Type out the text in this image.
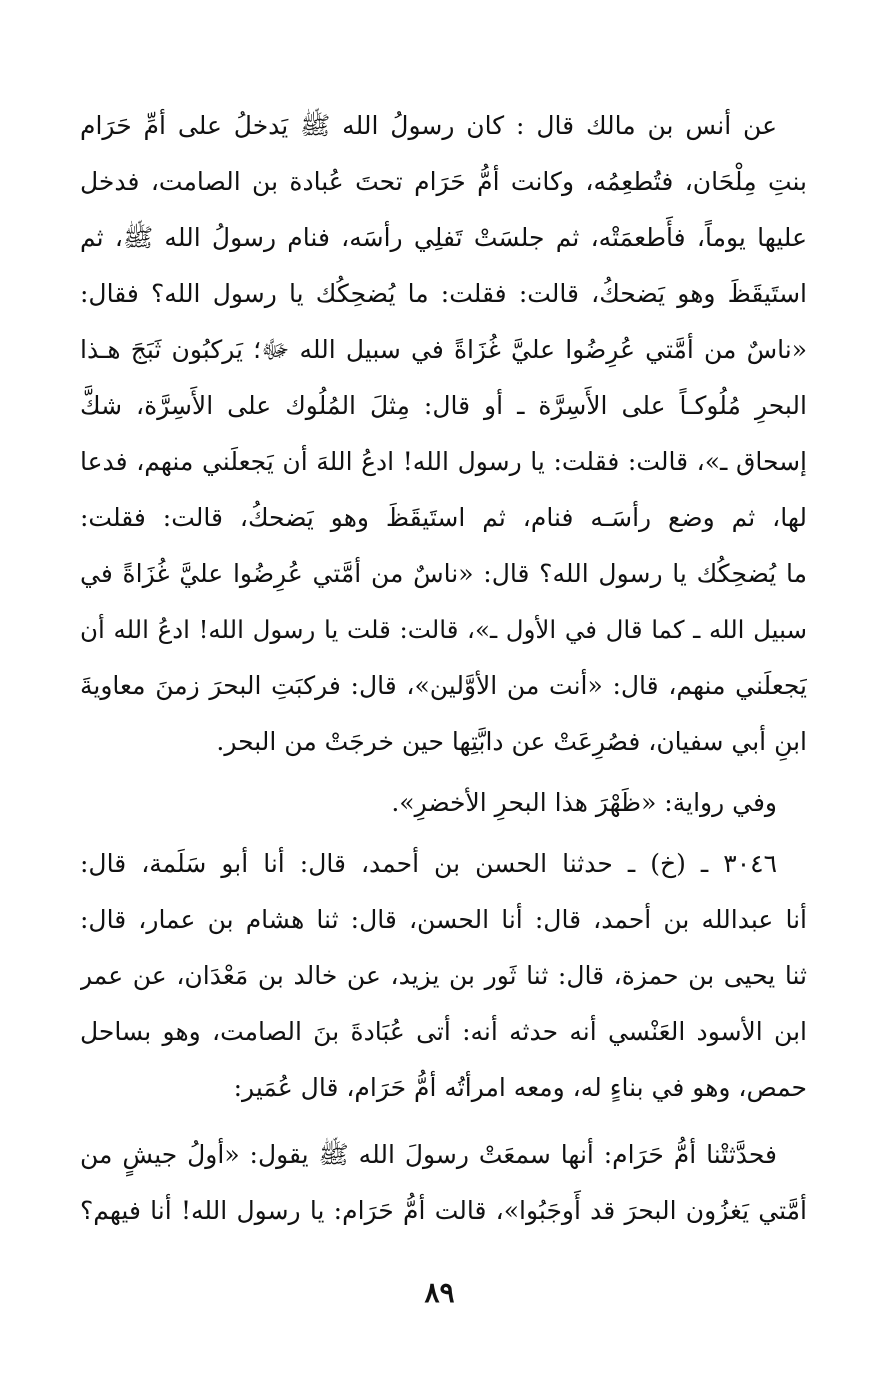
عن أنس بن مالك قال : كان رسولُ الله ﷺ يَدخلُ على أمِّ حَرَام
بنتِ مِلْحَان، فتُطعِمُه، وكانت أمُّ حَرَام تحتَ عُبادة بن الصامت، فدخل
عليها يوماً، فأَطعمَتْه، ثم جلسَتْ تَفلِي رأسَه، فنام رسولُ الله ﷺ، ثم
استَيقَظَ وهو يَضحكُ، قالت: فقلت: ما يُضحِكُك يا رسول الله؟ فقال:
«ناسٌ من أمَّتي عُرِضُوا عليَّ غُزَاةً في سبيل الله ﷻ؛ يَركبُون ثَبَجَ هـذا
البحرِ مُلُوكـاً على الأَسِرَّة ـ أو قال: مِثلَ المُلُوك على الأَسِرَّة، شكَّ
إسحاق ـ»، قالت: فقلت: يا رسول الله! ادعُ اللهَ أن يَجعلَني منهم، فدعا
لها، ثم وضع رأسَـه فنام، ثم استَيقَظَ وهو يَضحكُ، قالت: فقلت:
ما يُضحِكُك يا رسول الله؟ قال: «ناسٌ من أمَّتي عُرِضُوا عليَّ غُزَاةً في
سبيل الله ـ كما قال في الأول ـ»، قالت: قلت يا رسول الله! ادعُ الله أن
يَجعلَني منهم، قال: «أنت من الأوَّلين»، قال: فركبَتِ البحرَ زمنَ معاويةَ
ابنِ أبي سفيان، فصُرِعَتْ عن دابَّتِها حين خرجَتْ من البحر.
وفي رواية: «ظَهْرَ هذا البحرِ الأخضرِ».
٣٠٤٦ ـ (خ) ـ حدثنا الحسن بن أحمد، قال: أنا أبو سَلَمة، قال:
أنا عبدالله بن أحمد، قال: أنا الحسن، قال: ثنا هشام بن عمار، قال:
ثنا يحيى بن حمزة، قال: ثنا ثَور بن يزيد، عن خالد بن مَعْدَان، عن عمر
ابن الأسود العَنْسي أنه حدثه أنه: أتى عُبَادةَ بنَ الصامت، وهو بساحل
حمص، وهو في بناءٍ له، ومعه امرأتُه أمُّ حَرَام، قال عُمَير:
فحدَّثتْنا أمُّ حَرَام: أنها سمعَتْ رسولَ الله ﷺ يقول: «أولُ جيشٍ من
أمَّتي يَغزُون البحرَ قد أَوجَبُوا»، قالت أمُّ حَرَام: يا رسول الله! أنا فيهم؟
٨٩
